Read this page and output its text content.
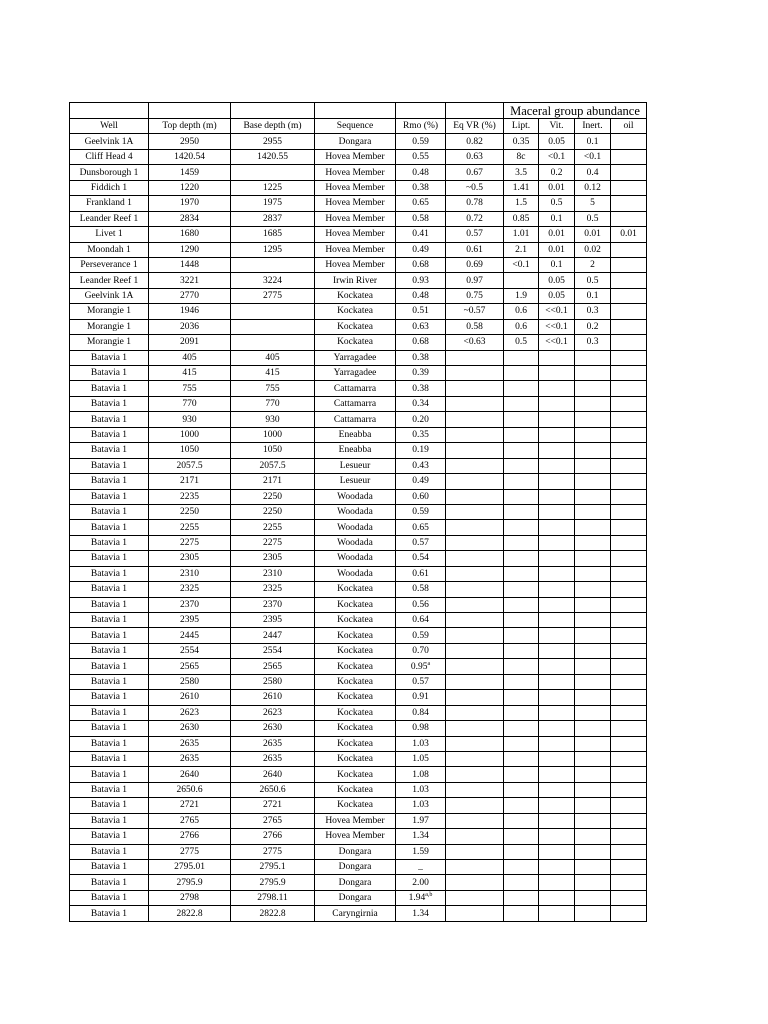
						Maceral group abundance			
Well	Top depth (m)	Base depth (m)	Sequence	Rmo (%)	Eq VR (%)	Lipt.	Vit.	Inert.	oil
Geelvink 1A	2950	2955	Dongara	0.59	0.82	0.35	0.05	0.1	
Cliff Head 4	1420.54	1420.55	Hovea Member	0.55	0.63	8c	<0.1	<0.1	
Dunsborough 1	1459		Hovea Member	0.48	0.67	3.5	0.2	0.4	
Fiddich 1	1220	1225	Hovea Member	0.38	~0.5	1.41	0.01	0.12	
Frankland 1	1970	1975	Hovea Member	0.65	0.78	1.5	0.5	5	
Leander Reef 1	2834	2837	Hovea Member	0.58	0.72	0.85	0.1	0.5	
Livet 1	1680	1685	Hovea Member	0.41	0.57	1.01	0.01	0.01	0.01
Moondah 1	1290	1295	Hovea Member	0.49	0.61	2.1	0.01	0.02	
Perseverance 1	1448		Hovea Member	0.68	0.69	<0.1	0.1	2	
Leander Reef 1	3221	3224	Irwin River	0.93	0.97		0.05	0.5	
Geelvink 1A	2770	2775	Kockatea	0.48	0.75	1.9	0.05	0.1	
Morangie 1	1946		Kockatea	0.51	~0.57	0.6	<<0.1	0.3	
Morangie 1	2036		Kockatea	0.63	0.58	0.6	<<0.1	0.2	
Morangie 1	2091		Kockatea	0.68	<0.63	0.5	<<0.1	0.3	
Batavia 1	405	405	Yarragadee	0.38					
Batavia 1	415	415	Yarragadee	0.39					
Batavia 1	755	755	Cattamarra	0.38					
Batavia 1	770	770	Cattamarra	0.34					
Batavia 1	930	930	Cattamarra	0.20					
Batavia 1	1000	1000	Eneabba	0.35					
Batavia 1	1050	1050	Eneabba	0.19					
Batavia 1	2057.5	2057.5	Lesueur	0.43					
Batavia 1	2171	2171	Lesueur	0.49					
Batavia 1	2235	2250	Woodada	0.60					
Batavia 1	2250	2250	Woodada	0.59					
Batavia 1	2255	2255	Woodada	0.65					
Batavia 1	2275	2275	Woodada	0.57					
Batavia 1	2305	2305	Woodada	0.54					
Batavia 1	2310	2310	Woodada	0.61					
Batavia 1	2325	2325	Kockatea	0.58					
Batavia 1	2370	2370	Kockatea	0.56					
Batavia 1	2395	2395	Kockatea	0.64					
Batavia 1	2445	2447	Kockatea	0.59					
Batavia 1	2554	2554	Kockatea	0.70					
Batavia 1	2565	2565	Kockatea	0.95$^a$					
Batavia 1	2580	2580	Kockatea	0.57					
Batavia 1	2610	2610	Kockatea	0.91					
Batavia 1	2623	2623	Kockatea	0.84					
Batavia 1	2630	2630	Kockatea	0.98					
Batavia 1	2635	2635	Kockatea	1.03					
Batavia 1	2635	2635	Kockatea	1.05					
Batavia 1	2640	2640	Kockatea	1.08					
Batavia 1	2650.6	2650.6	Kockatea	1.03					
Batavia 1	2721	2721	Kockatea	1.03					
Batavia 1	2765	2765	Hovea Member	1.97					
Batavia 1	2766	2766	Hovea Member	1.34					
Batavia 1	2775	2775	Dongara	1.59					
Batavia 1	2795.01	2795.1	Dongara	_					
Batavia 1	2795.9	2795.9	Dongara	2.00					
Batavia 1	2798	2798.11	Dongara	1.94$^{a,b}$					
Batavia 1	2822.8	2822.8	Caryngirnia	1.34					
